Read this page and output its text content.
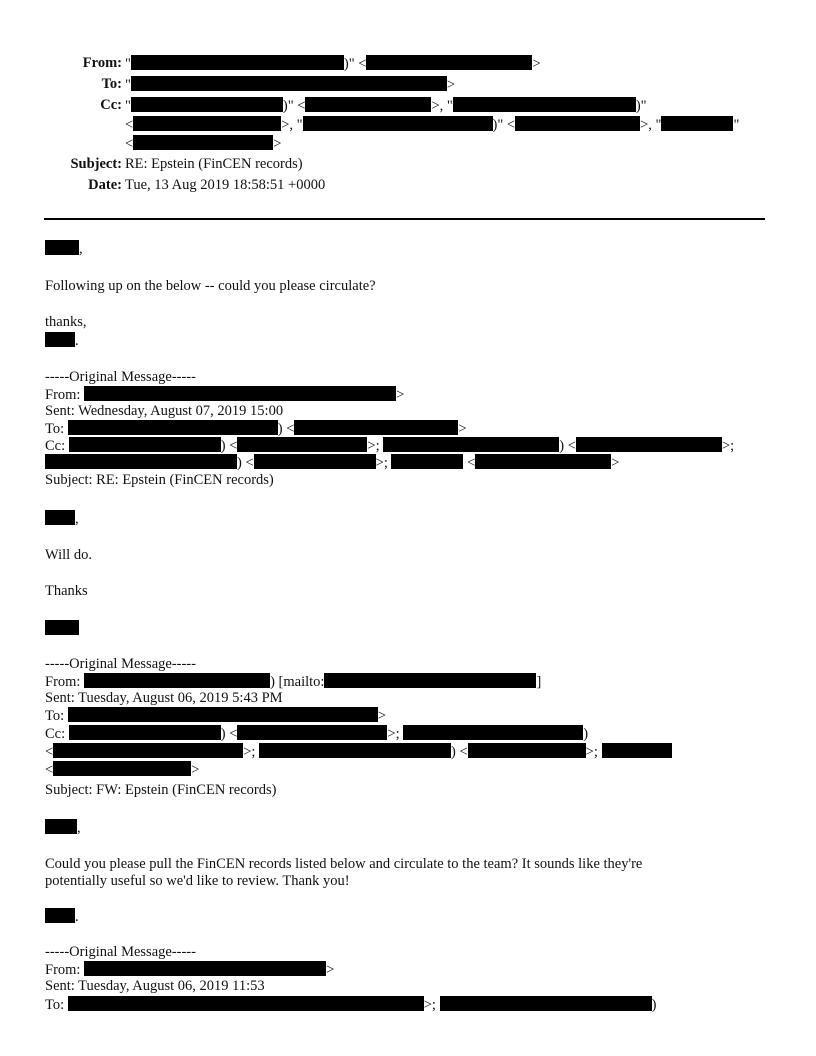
From: "	)" <	>
To: "	>
Cc: "	)" <	>, "	)"
<	>, "	)" <	>, "	"
<	>
Subject: RE: Epstein (FinCEN records)
Date: Tue, 13 Aug 2019 18:58:51 +0000
,
Following up on the below -- could you please circulate?
thanks,
.
-----Original Message-----
From:	>
Sent: Wednesday, August 07, 2019 15:00
To:	) <	>
Cc:	) <	>;	) <	>;
) <	>;	<	>
Subject: RE: Epstein (FinCEN records)
,
Will do.
Thanks
-----Original Message-----
From:	) [mailto:	]
Sent: Tuesday, August 06, 2019 5:43 PM
To:	>
Cc:	) <	>;	)
<	>;	) <	>;
<	>
Subject: FW: Epstein (FinCEN records)
,
Could you please pull the FinCEN records listed below and circulate to the team? It sounds like they're
potentially useful so we'd like to review. Thank you!
.
-----Original Message-----
From:	>
Sent: Tuesday, August 06, 2019 11:53
To:	>;	)
